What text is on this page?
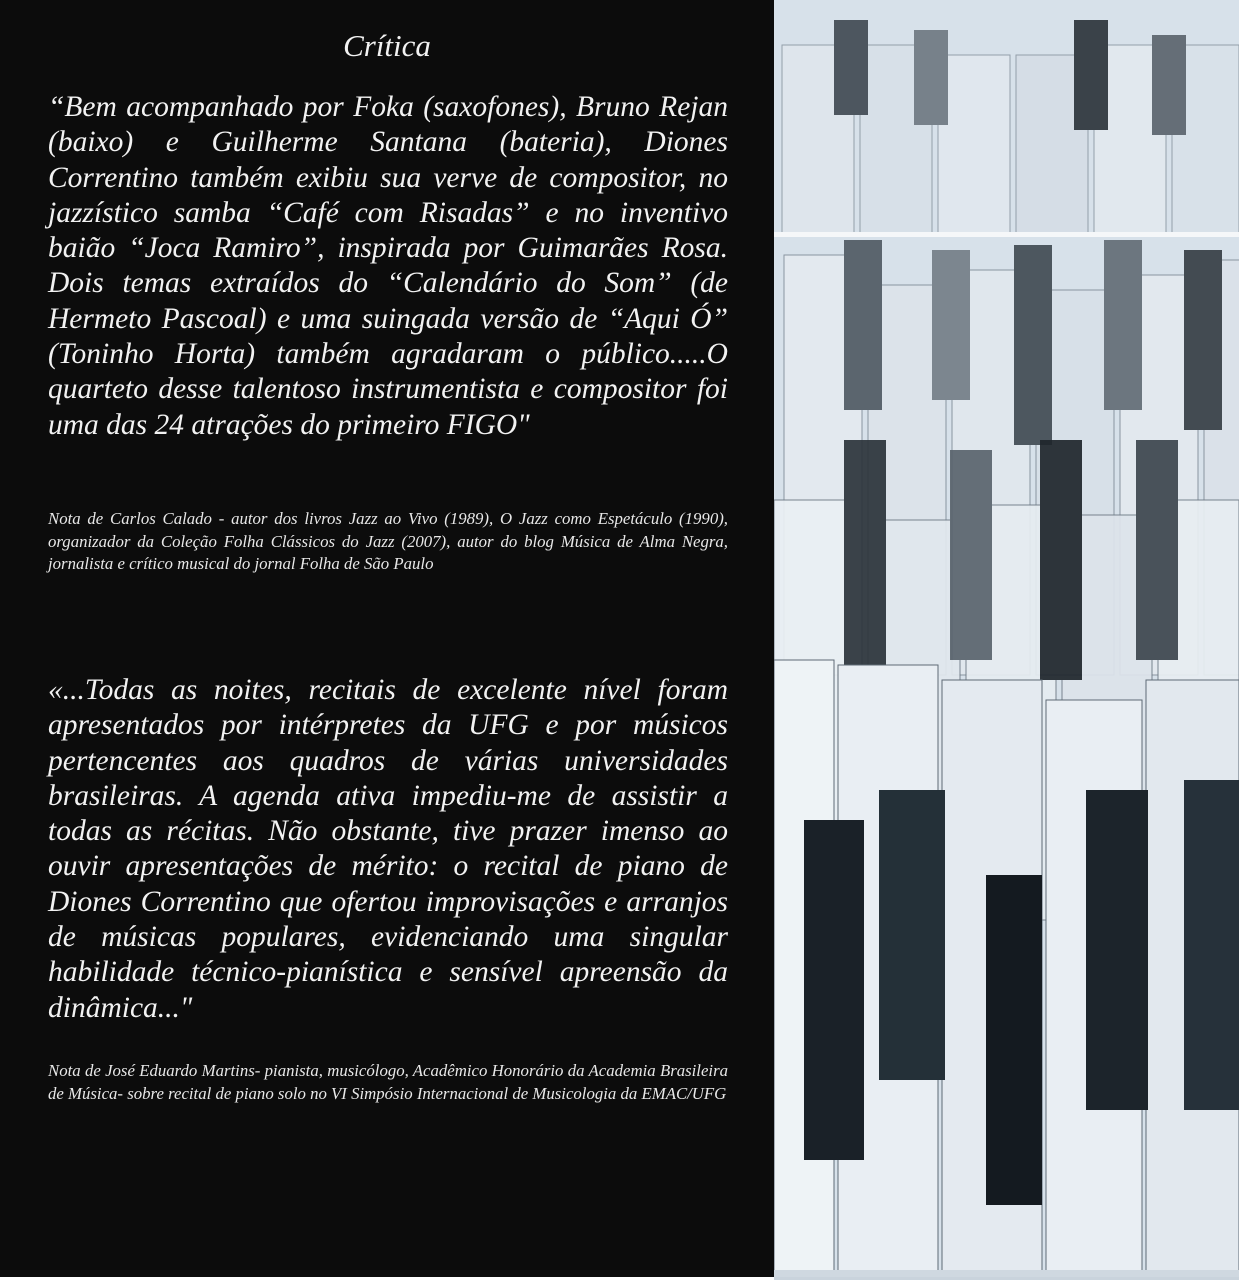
Crítica

“Bem acompanhado por Foka (saxofones), Bruno Rejan (baixo) e Guilherme Santana (bateria), Diones Correntino também exibiu sua verve de compositor, no jazzístico samba “Café com Risadas” e no inventivo baião “Joca Ramiro”, inspirada por Guimarães Rosa. Dois temas extraídos do “Calendário do Som” (de Hermeto Pascoal) e uma suingada versão de “Aqui Ó” (Toninho Horta) também agradaram o público.....O quarteto desse talentoso instrumentista e compositor foi uma das 24 atrações do primeiro FIGO"

Nota de Carlos Calado - autor dos livros Jazz ao Vivo (1989), O Jazz como Espetáculo (1990), organizador da Coleção Folha Clássicos do Jazz (2007), autor do blog Música de Alma Negra, jornalista e crítico musical do jornal Folha de São Paulo

«...Todas as noites, recitais de excelente nível foram apresentados por intérpretes da UFG e por músicos pertencentes aos quadros de várias universidades brasileiras. A agenda ativa impediu-me de assistir a todas as récitas. Não obstante, tive prazer imenso ao ouvir apresentações de mérito: o recital de piano de Diones Correntino que ofertou improvisações e arranjos de músicas populares, evidenciando uma singular habilidade técnico-pianística e sensível apreensão da dinâmica..."

Nota de José Eduardo Martins- pianista, musicólogo, Acadêmico Honorário da Academia Brasileira de Música- sobre recital de piano solo no VI Simpósio Internacional de Musicologia da EMAC/UFG
